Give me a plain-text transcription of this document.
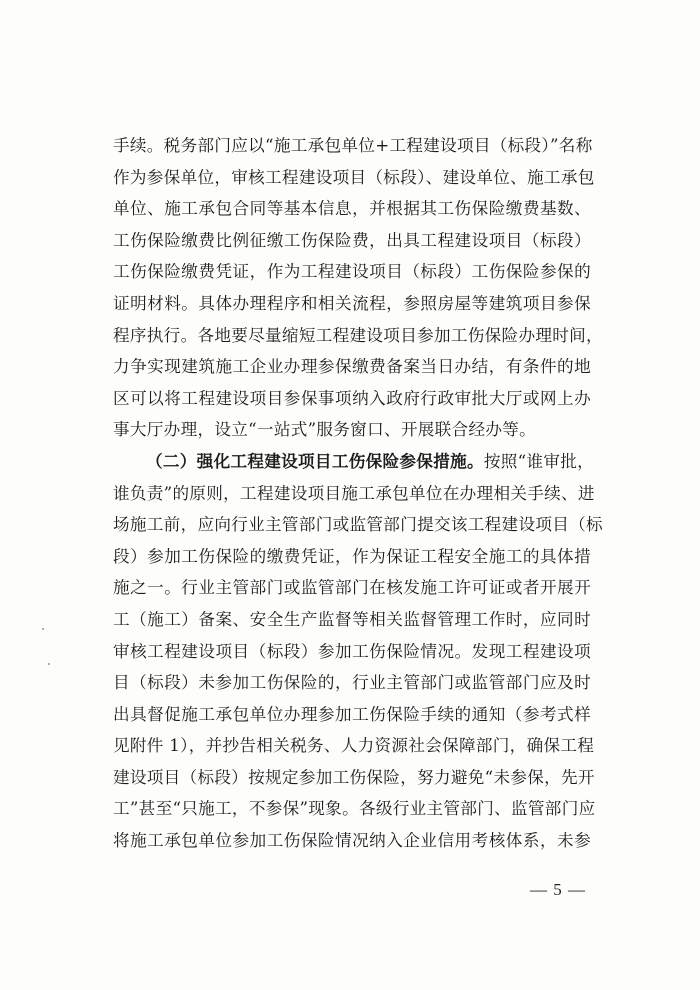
手续。税务部门应以“施工承包单位+工程建设项目（标段）”名称
作为参保单位，审核工程建设项目（标段）、建设单位、施工承包
单位、施工承包合同等基本信息，并根据其工伤保险缴费基数、
工伤保险缴费比例征缴工伤保险费，出具工程建设项目（标段）
工伤保险缴费凭证，作为工程建设项目（标段）工伤保险参保的
证明材料。具体办理程序和相关流程，参照房屋等建筑项目参保
程序执行。各地要尽量缩短工程建设项目参加工伤保险办理时间，
力争实现建筑施工企业办理参保缴费备案当日办结，有条件的地
区可以将工程建设项目参保事项纳入政府行政审批大厅或网上办
事大厅办理，设立“一站式”服务窗口、开展联合经办等。
（二）强化工程建设项目工伤保险参保措施。按照“谁审批，
谁负责”的原则，工程建设项目施工承包单位在办理相关手续、进
场施工前，应向行业主管部门或监管部门提交该工程建设项目（标
段）参加工伤保险的缴费凭证，作为保证工程安全施工的具体措
施之一。行业主管部门或监管部门在核发施工许可证或者开展开
工（施工）备案、安全生产监督等相关监督管理工作时，应同时
审核工程建设项目（标段）参加工伤保险情况。发现工程建设项
目（标段）未参加工伤保险的，行业主管部门或监管部门应及时
出具督促施工承包单位办理参加工伤保险手续的通知（参考式样
见附件 1），并抄告相关税务、人力资源社会保障部门，确保工程
建设项目（标段）按规定参加工伤保险，努力避免“未参保，先开
工”甚至“只施工，不参保”现象。各级行业主管部门、监管部门应
将施工承包单位参加工伤保险情况纳入企业信用考核体系，未参
— 5 —
